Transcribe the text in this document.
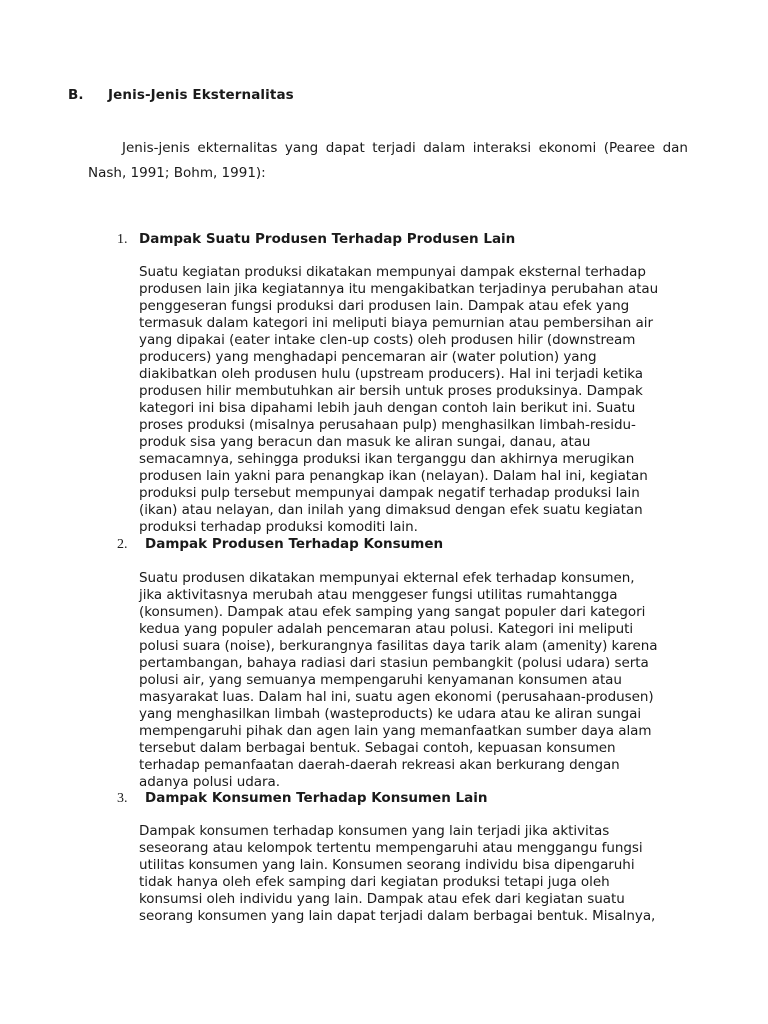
B. Jenis-Jenis Eksternalitas

Jenis-jenis ekternalitas yang dapat terjadi dalam interaksi ekonomi (Pearee dan Nash, 1991; Bohm, 1991):

1. Dampak Suatu Produsen Terhadap Produsen Lain
Suatu kegiatan produksi dikatakan mempunyai dampak eksternal terhadap
produsen lain jika kegiatannya itu mengakibatkan terjadinya perubahan atau
penggeseran fungsi produksi dari produsen lain. Dampak atau efek yang
termasuk dalam kategori ini meliputi biaya pemurnian atau pembersihan air
yang dipakai (eater intake clen-up costs) oleh produsen hilir (downstream
producers) yang menghadapi pencemaran air (water polution) yang
diakibatkan oleh produsen hulu (upstream producers). Hal ini terjadi ketika
produsen hilir membutuhkan air bersih untuk proses produksinya. Dampak
kategori ini bisa dipahami lebih jauh dengan contoh lain berikut ini. Suatu
proses produksi (misalnya perusahaan pulp) menghasilkan limbah-residu-
produk sisa yang beracun dan masuk ke aliran sungai, danau, atau
semacamnya, sehingga produksi ikan terganggu dan akhirnya merugikan
produsen lain yakni para penangkap ikan (nelayan). Dalam hal ini, kegiatan
produksi pulp tersebut mempunyai dampak negatif terhadap produksi lain
(ikan) atau nelayan, dan inilah yang dimaksud dengan efek suatu kegiatan
produksi terhadap produksi komoditi lain.
2. Dampak Produsen Terhadap Konsumen
Suatu produsen dikatakan mempunyai ekternal efek terhadap konsumen,
jika aktivitasnya merubah atau menggeser fungsi utilitas rumahtangga
(konsumen). Dampak atau efek samping yang sangat populer dari kategori
kedua yang populer adalah pencemaran atau polusi. Kategori ini meliputi
polusi suara (noise), berkurangnya fasilitas daya tarik alam (amenity) karena
pertambangan, bahaya radiasi dari stasiun pembangkit (polusi udara) serta
polusi air, yang semuanya mempengaruhi kenyamanan konsumen atau
masyarakat luas. Dalam hal ini, suatu agen ekonomi (perusahaan-produsen)
yang menghasilkan limbah (wasteproducts) ke udara atau ke aliran sungai
mempengaruhi pihak dan agen lain yang memanfaatkan sumber daya alam
tersebut dalam berbagai bentuk. Sebagai contoh, kepuasan konsumen
terhadap pemanfaatan daerah-daerah rekreasi akan berkurang dengan
adanya polusi udara.
3. Dampak Konsumen Terhadap Konsumen Lain
Dampak konsumen terhadap konsumen yang lain terjadi jika aktivitas
seseorang atau kelompok tertentu mempengaruhi atau menggangu fungsi
utilitas konsumen yang lain. Konsumen seorang individu bisa dipengaruhi
tidak hanya oleh efek samping dari kegiatan produksi tetapi juga oleh
konsumsi oleh individu yang lain. Dampak atau efek dari kegiatan suatu
seorang konsumen yang lain dapat terjadi dalam berbagai bentuk. Misalnya,
